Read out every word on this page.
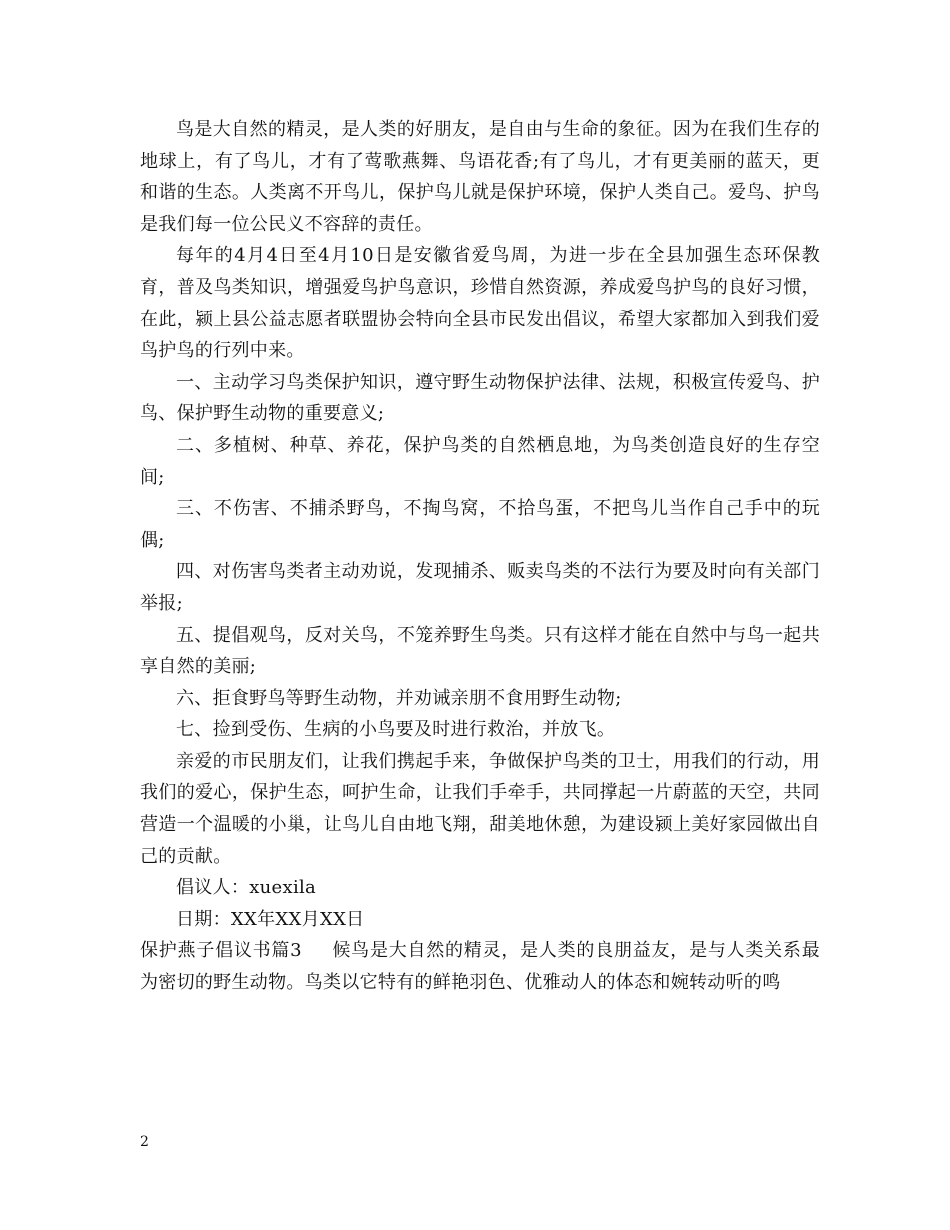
鸟是大自然的精灵，是人类的好朋友，是自由与生命的象征。因为在我们生存的地球上，有了鸟儿，才有了莺歌燕舞、鸟语花香;有了鸟儿，才有更美丽的蓝天，更和谐的生态。人类离不开鸟儿，保护鸟儿就是保护环境，保护人类自己。爱鸟、护鸟是我们每一位公民义不容辞的责任。

每年的4月4日至4月10日是安徽省爱鸟周，为进一步在全县加强生态环保教育，普及鸟类知识，增强爱鸟护鸟意识，珍惜自然资源，养成爱鸟护鸟的良好习惯，在此，颍上县公益志愿者联盟协会特向全县市民发出倡议，希望大家都加入到我们爱鸟护鸟的行列中来。

一、主动学习鸟类保护知识，遵守野生动物保护法律、法规，积极宣传爱鸟、护鸟、保护野生动物的重要意义;

二、多植树、种草、养花，保护鸟类的自然栖息地，为鸟类创造良好的生存空间;

三、不伤害、不捕杀野鸟，不掏鸟窝，不拾鸟蛋，不把鸟儿当作自己手中的玩偶;

四、对伤害鸟类者主动劝说，发现捕杀、贩卖鸟类的不法行为要及时向有关部门举报;

五、提倡观鸟，反对关鸟，不笼养野生鸟类。只有这样才能在自然中与鸟一起共享自然的美丽;

六、拒食野鸟等野生动物，并劝诫亲朋不食用野生动物;

七、捡到受伤、生病的小鸟要及时进行救治，并放飞。

亲爱的市民朋友们，让我们携起手来，争做保护鸟类的卫士，用我们的行动，用我们的爱心，保护生态，呵护生命，让我们手牵手，共同撑起一片蔚蓝的天空，共同营造一个温暖的小巢，让鸟儿自由地飞翔，甜美地休憩，为建设颍上美好家园做出自己的贡献。

倡议人：xuexila

日期：XX年XX月XX日

保护燕子倡议书篇3 候鸟是大自然的精灵，是人类的良朋益友，是与人类关系最为密切的野生动物。鸟类以它特有的鲜艳羽色、优雅动人的体态和婉转动听的鸣

2
